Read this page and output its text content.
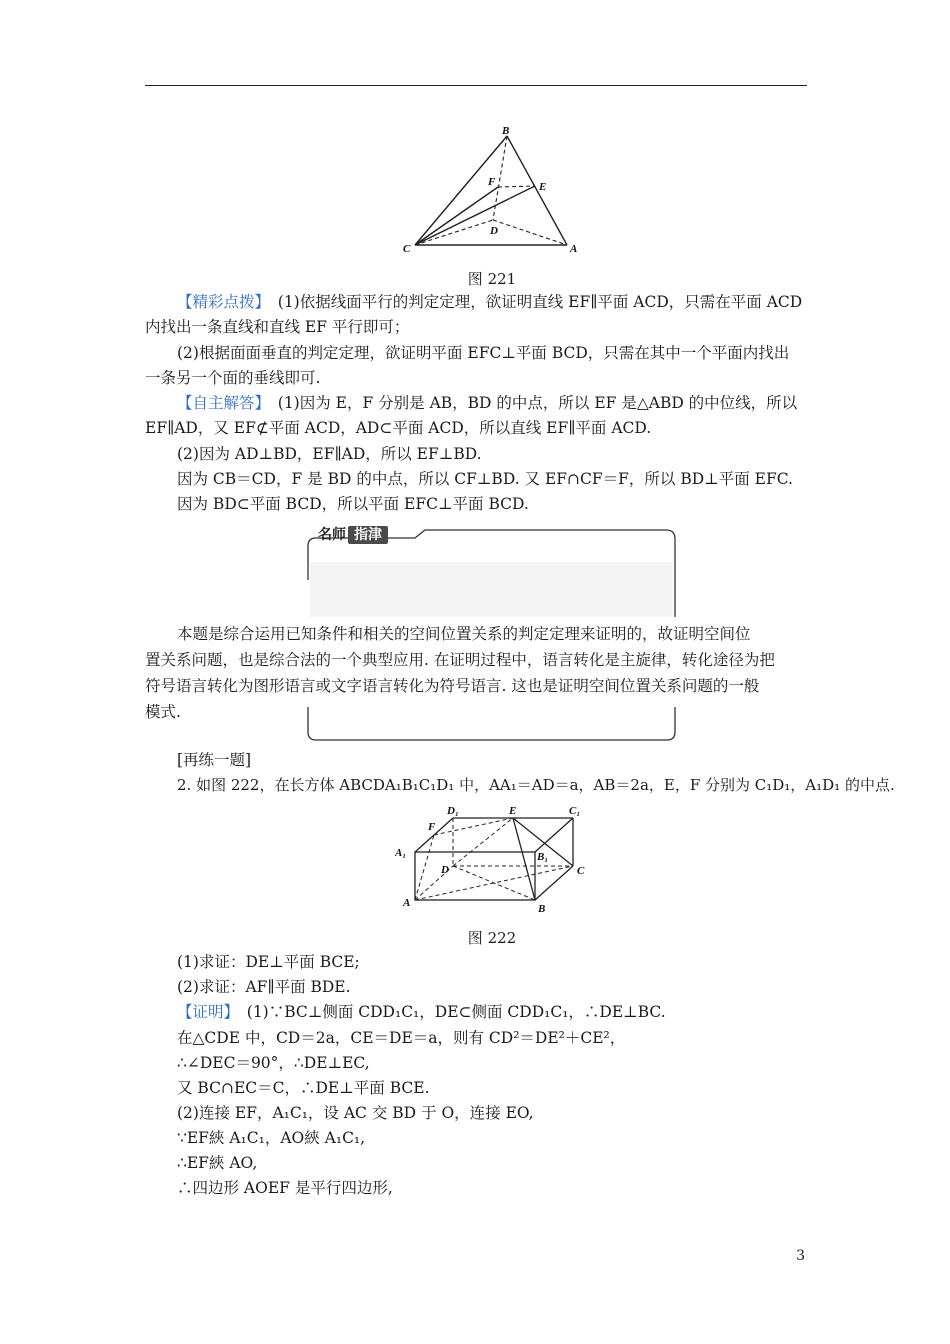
B
F	E
D
C	A
图 221
【精彩点拨】　(1)依据线面平行的判定定理，欲证明直线 EF∥平面 ACD，只需在平面 ACD
内找出一条直线和直线 EF 平行即可；
(2)根据面面垂直的判定定理，欲证明平面 EFC⊥平面 BCD，只需在其中一个平面内找出
一条另一个面的垂线即可.
【自主解答】　(1)因为 E，F 分别是 AB，BD 的中点，所以 EF 是△ABD 的中位线，所以
EF∥AD，又 EF⊄平面 ACD，AD⊂平面 ACD，所以直线 EF∥平面 ACD.
(2)因为 AD⊥BD，EF∥AD，所以 EF⊥BD.
因为 CB＝CD，F 是 BD 的中点，所以 CF⊥BD. 又 EF∩CF＝F，所以 BD⊥平面 EFC.
因为 BD⊂平面 BCD，所以平面 EFC⊥平面 BCD.
名师 指津
本题是综合运用已知条件和相关的空间位置关系的判定定理来证明的，故证明空间位
置关系问题，也是综合法的一个典型应用. 在证明过程中，语言转化是主旋律，转化途径为把
符号语言转化为图形语言或文字语言转化为符号语言. 这也是证明空间位置关系问题的一般
模式.
[再练一题]
2. 如图 222，在长方体 ABCDA₁B₁C₁D₁ 中，AA₁＝AD＝a，AB＝2a，E，F 分别为 C₁D₁，A₁D₁ 的中点.
D₁	E	C₁
F
A₁	B₁
D	C
A	B
图 222
(1)求证：DE⊥平面 BCE;
(2)求证：AF∥平面 BDE.
【证明】　(1)∵BC⊥侧面 CDD₁C₁，DE⊂侧面 CDD₁C₁，∴DE⊥BC.
在△CDE 中，CD＝2a，CE＝DE＝a，则有 CD²＝DE²＋CE²，
∴∠DEC＝90°，∴DE⊥EC,
又 BC∩EC＝C，∴DE⊥平面 BCE.
(2)连接 EF，A₁C₁，设 AC 交 BD 于 O，连接 EO,
∵EF綊 A₁C₁，AO綊 A₁C₁,
∴EF綊 AO,
∴四边形 AOEF 是平行四边形,
3
